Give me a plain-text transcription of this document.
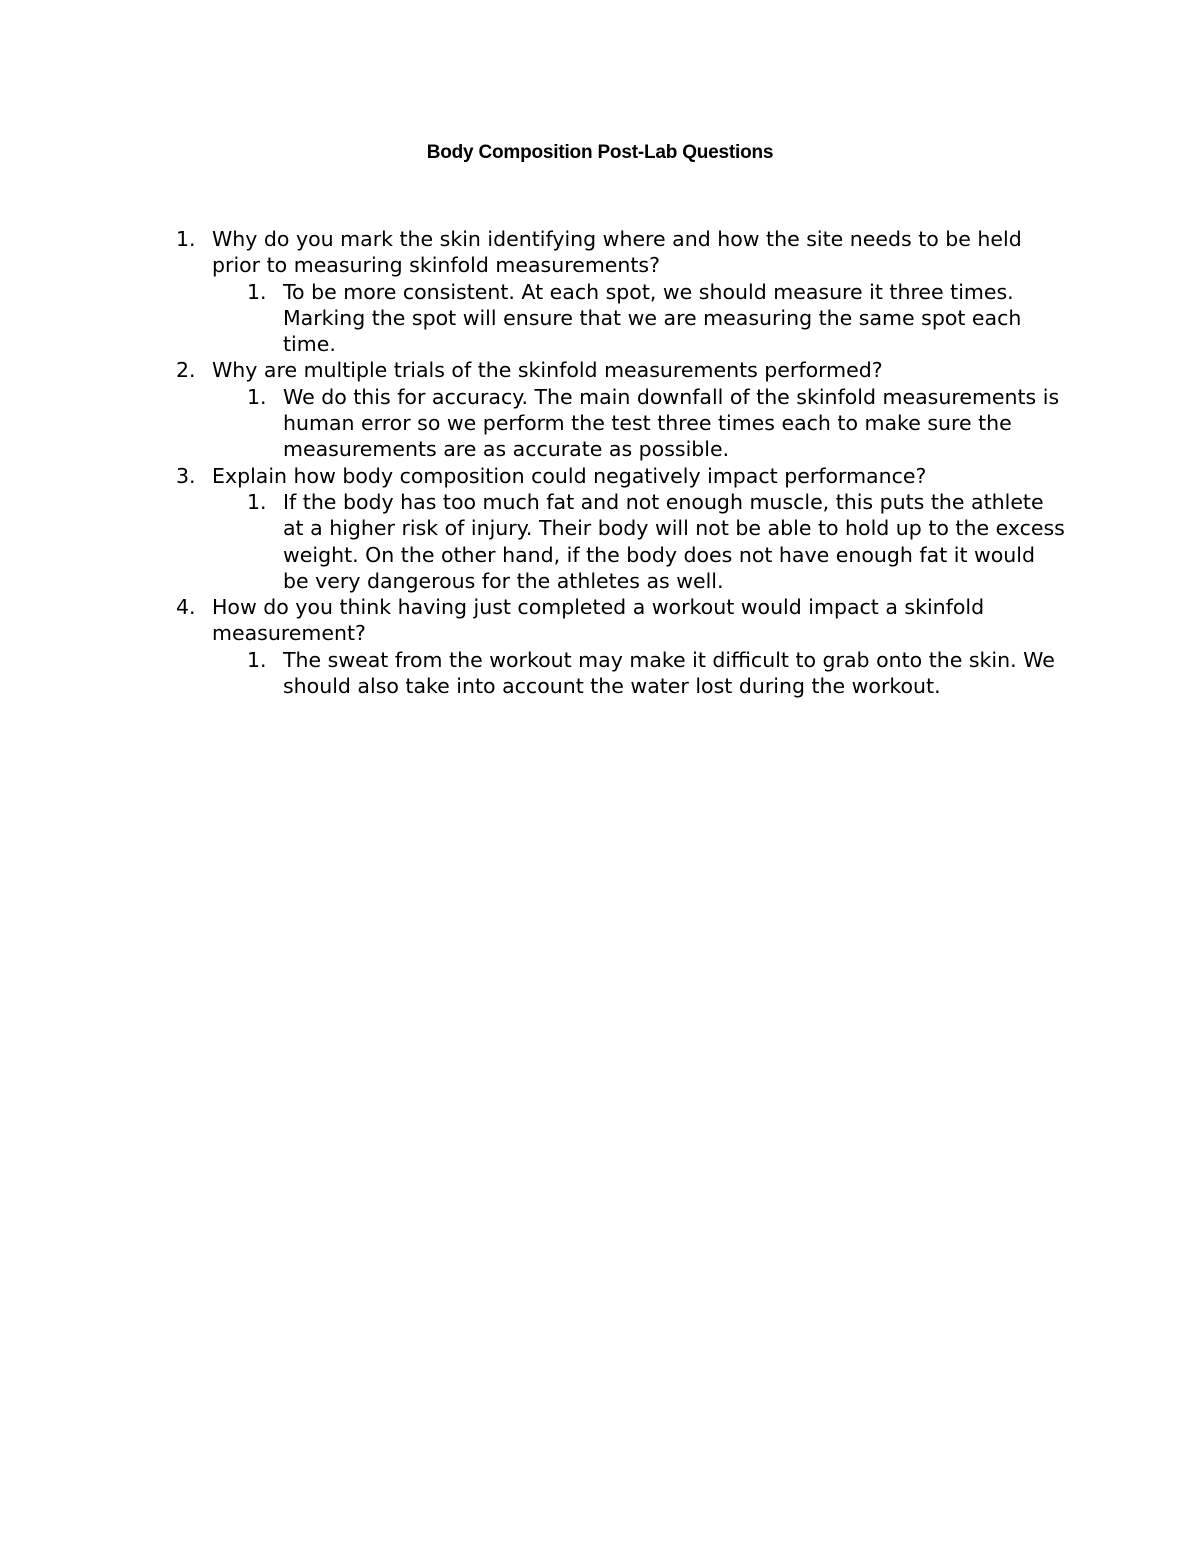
Body Composition Post-Lab Questions
1. Why do you mark the skin identifying where and how the site needs to be held prior to measuring skinfold measurements?
1. To be more consistent. At each spot, we should measure it three times. Marking the spot will ensure that we are measuring the same spot each time.
2. Why are multiple trials of the skinfold measurements performed?
1. We do this for accuracy. The main downfall of the skinfold measurements is human error so we perform the test three times each to make sure the measurements are as accurate as possible.
3. Explain how body composition could negatively impact performance?
1. If the body has too much fat and not enough muscle, this puts the athlete at a higher risk of injury. Their body will not be able to hold up to the excess weight. On the other hand, if the body does not have enough fat it would be very dangerous for the athletes as well.
4. How do you think having just completed a workout would impact a skinfold measurement?
1. The sweat from the workout may make it difficult to grab onto the skin. We should also take into account the water lost during the workout.
